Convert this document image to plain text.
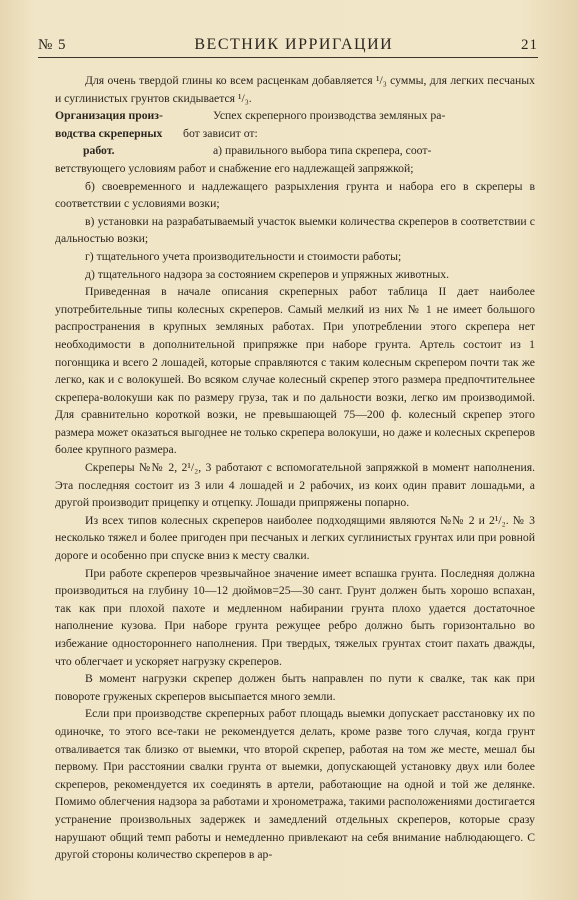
№ 5	ВЕСТНИК ИРРИГАЦИИ	21

Для очень твердой глины ко всем расценкам добавляется ¹/₃ суммы, для легких песчаных и суглинистых грунтов скидывается ¹/₃.

Организация произ-
водства скреперных
работ.
Успех скреперного производства земляных ра-
бот зависит от:
а) правильного выбора типа скрепера, соот-

ветствующего условиям работ и снабжение его надлежащей запряжкой;

б) своевременного и надлежащего разрыхления грунта и набора его в скреперы в соответствии с условиями возки;

в) установки на разрабатываемый участок выемки количества скреперов в соответствии с дальностью возки;

г) тщательного учета производительности и стоимости работы;

д) тщательного надзора за состоянием скреперов и упряжных животных.

Приведенная в начале описания скреперных работ таблица II дает наиболее употребительные типы колесных скреперов. Самый мелкий из них № 1 не имеет большого распространения в крупных земляных работах. При употреблении этого скрепера нет необходимости в дополнительной припряжке при наборе грунта. Артель состоит из 1 погонщика и всего 2 лошадей, которые справляются с таким колесным скрепером почти так же легко, как и с волокушей. Во всяком случае колесный скрепер этого размера предпочтительнее скрепера-волокуши как по размеру груза, так и по дальности возки, легко им производимой. Для сравнительно короткой возки, не превышающей 75—200 ф. колесный скрепер этого размера может оказаться выгоднее не только скрепера волокуши, но даже и колесных скреперов более крупного размера.

Скреперы №№ 2, 2¹/₂, 3 работают с вспомогательной запряжкой в момент наполнения. Эта последняя состоит из 3 или 4 лошадей и 2 рабочих, из коих один правит лошадьми, а другой производит прицепку и отцепку. Лошади припряжены попарно.

Из всех типов колесных скреперов наиболее подходящими являются №№ 2 и 2¹/₂. № 3 несколько тяжел и более пригоден при песчаных и легких суглинистых грунтах или при ровной дороге и особенно при спуске вниз к месту свалки.

При работе скреперов чрезвычайное значение имеет вспашка грунта. Последняя должна производиться на глубину 10—12 дюймов=25—30 сант. Грунт должен быть хорошо вспахан, так как при плохой пахоте и медленном набирании грунта плохо удается достаточное наполнение кузова. При наборе грунта режущее ребро должно быть горизонтально во избежание одностороннего наполнения. При твердых, тяжелых грунтах стоит пахать дважды, что облегчает и ускоряет нагрузку скреперов.

В момент нагрузки скрепер должен быть направлен по пути к свалке, так как при повороте груженых скреперов высыпается много земли.

Если при производстве скреперных работ площадь выемки допускает расстановку их по одиночке, то этого все-таки не рекомендуется делать, кроме разве того случая, когда грунт отваливается так близко от выемки, что второй скрепер, работая на том же месте, мешал бы первому. При расстоянии свалки грунта от выемки, допускающей установку двух или более скреперов, рекомендуется их соединять в артели, работающие на одной и той же делянке. Помимо облегчения надзора за работами и хронометража, такими расположениями достигается устранение произвольных задержек и замедлений отдельных скреперов, которые сразу нарушают общий темп работы и немедленно привлекают на себя внимание наблюдающего. С другой стороны количество скреперов в ар-
